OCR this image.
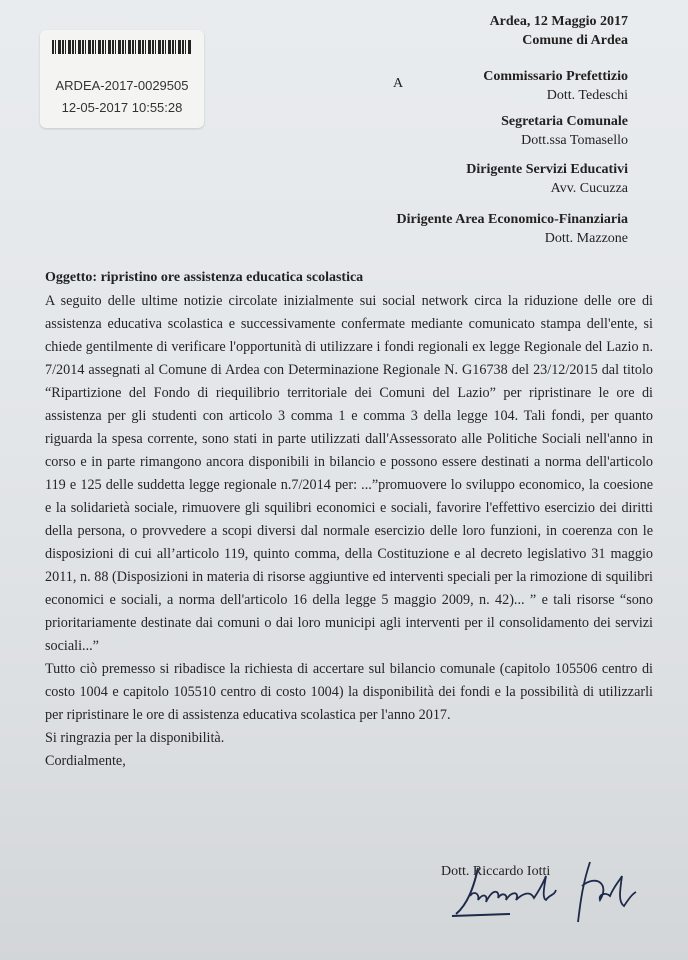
ARDEA-2017-0029505
12-05-2017 10:55:28
Ardea, 12 Maggio 2017
Comune di Ardea
A	Commissario Prefettizio
Dott. Tedeschi
Segretaria Comunale
Dott.ssa Tomasello
Dirigente Servizi Educativi
Avv. Cucuzza
Dirigente Area Economico-Finanziaria
Dott. Mazzone
Oggetto: ripristino ore assistenza educatica scolastica

A seguito delle ultime notizie circolate inizialmente sui social network circa la riduzione delle ore di assistenza educativa scolastica e successivamente confermate mediante comunicato stampa dell'ente, si chiede gentilmente di verificare l'opportunità di utilizzare i fondi regionali ex legge Regionale del Lazio n. 7/2014 assegnati al Comune di Ardea con Determinazione Regionale N. G16738 del 23/12/2015 dal titolo “Ripartizione del Fondo di riequilibrio territoriale dei Comuni del Lazio” per ripristinare le ore di assistenza per gli studenti con articolo 3 comma 1 e comma 3 della legge 104. Tali fondi, per quanto riguarda la spesa corrente, sono stati in parte utilizzati dall'Assessorato alle Politiche Sociali nell'anno in corso e in parte rimangono ancora disponibili in bilancio e possono essere destinati a norma dell'articolo 119 e 125 delle suddetta legge regionale n.7/2014 per: ...”promuovere lo sviluppo economico, la coesione e la solidarietà sociale, rimuovere gli squilibri economici e sociali, favorire l'effettivo esercizio dei diritti della persona, o provvedere a scopi diversi dal normale esercizio delle loro funzioni, in coerenza con le disposizioni di cui all’articolo 119, quinto comma, della Costituzione e al decreto legislativo 31 maggio 2011, n. 88 (Disposizioni in materia di risorse aggiuntive ed interventi speciali per la rimozione di squilibri economici e sociali, a norma dell'articolo 16 della legge 5 maggio 2009, n. 42)... ” e tali risorse “sono prioritariamente destinate dai comuni o dai loro municipi agli interventi per il consolidamento dei servizi sociali...”

Tutto ciò premesso si ribadisce la richiesta di accertare sul bilancio comunale (capitolo 105506 centro di costo 1004 e capitolo 105510 centro di costo 1004) la disponibilità dei fondi e la possibilità di utilizzarli per ripristinare le ore di assistenza educativa scolastica per l'anno 2017.

Si ringrazia per la disponibilità.

Cordialmente,

Dott. Riccardo Iotti
